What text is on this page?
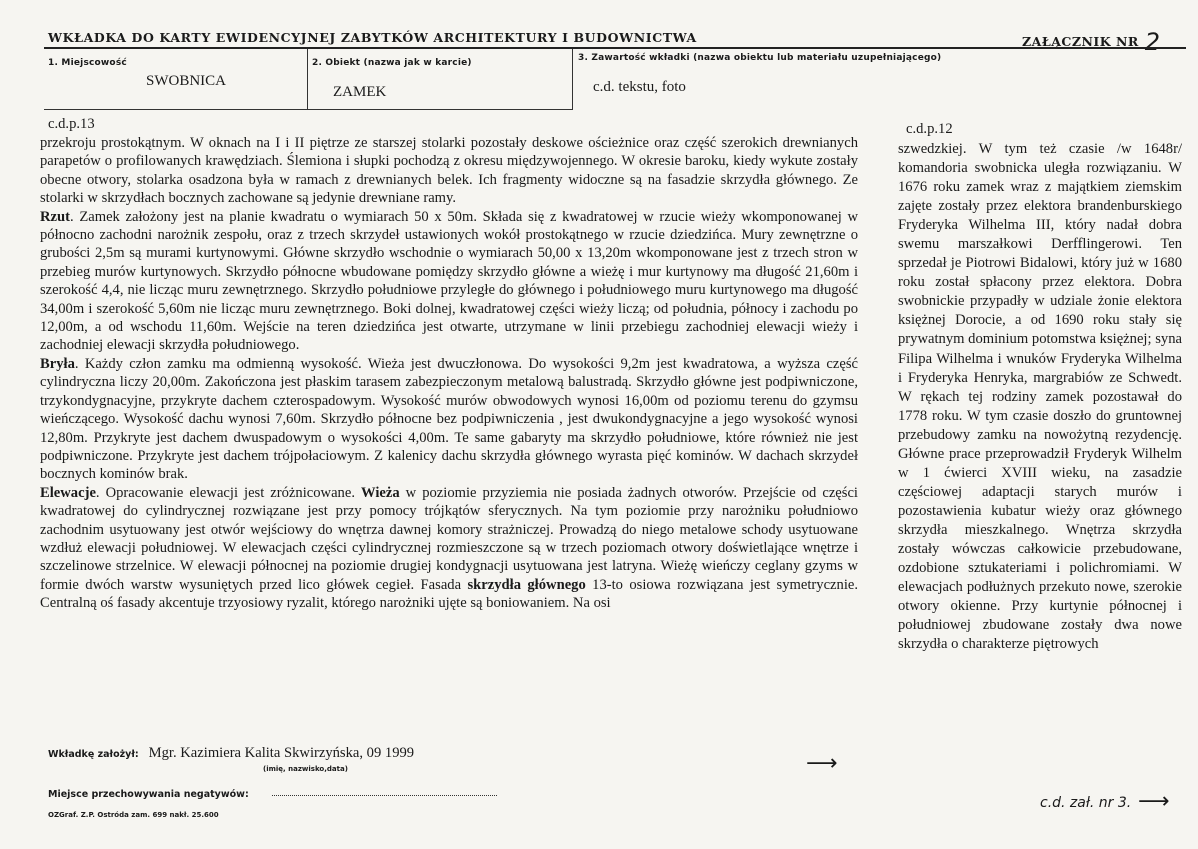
WKŁADKA DO KARTY EWIDENCYJNEJ ZABYTKÓW ARCHITEKTURY I BUDOWNICTWA	ZAŁĄCZNIK NR 2
1. Miejscowość
SWOBNICA
2. Obiekt (nazwa jak w karcie)
ZAMEK
3. Zawartość wkładki (nazwa obiektu lub materiału uzupełniającego)
c.d. tekstu, foto
c.d.p.13

przekroju prostokątnym. W oknach na I i II piętrze ze starszej stolarki pozostały deskowe ościeżnice oraz część szerokich drewnianych parapetów o profilowanych krawędziach. Ślemiona i słupki pochodzą z okresu międzywojennego. W okresie baroku, kiedy wykute zostały obecne otwory, stolarka osadzona była w ramach z drewnianych belek. Ich fragmenty widoczne są na fasadzie skrzydła głównego. Ze stolarki w skrzydłach bocznych zachowane są jedynie drewniane ramy.

Rzut. Zamek założony jest na planie kwadratu o wymiarach 50 x 50m. Składa się z kwadratowej w rzucie wieży wkomponowanej w północno zachodni narożnik zespołu, oraz z trzech skrzydeł ustawionych wokół prostokątnego w rzucie dziedzińca. Mury zewnętrzne o grubości 2,5m są murami kurtynowymi. Główne skrzydło wschodnie o wymiarach 50,00 x 13,20m wkomponowane jest z trzech stron w przebieg murów kurtynowych. Skrzydło północne wbudowane pomiędzy skrzydło główne a wieżę i mur kurtynowy ma długość 21,60m i szerokość 4,4, nie licząc muru zewnętrznego. Skrzydło południowe przyległe do głównego i południowego muru kurtynowego ma długość 34,00m i szerokość 5,60m nie licząc muru zewnętrznego. Boki dolnej, kwadratowej części wieży liczą; od południa, północy i zachodu po 12,00m, a od wschodu 11,60m. Wejście na teren dziedzińca jest otwarte, utrzymane w linii przebiegu zachodniej elewacji wieży i zachodniej elewacji skrzydła południowego.

Bryła. Każdy człon zamku ma odmienną wysokość. Wieża jest dwuczłonowa. Do wysokości 9,2m jest kwadratowa, a wyższa część cylindryczna liczy 20,00m. Zakończona jest płaskim tarasem zabezpieczonym metalową balustradą. Skrzydło główne jest podpiwniczone, trzykondygnacyjne, przykryte dachem czterospadowym. Wysokość murów obwodowych wynosi 16,00m od poziomu terenu do gzymsu wieńczącego. Wysokość dachu wynosi 7,60m. Skrzydło północne bez podpiwniczenia , jest dwukondygnacyjne a jego wysokość wynosi 12,80m. Przykryte jest dachem dwuspadowym o wysokości 4,00m. Te same gabaryty ma skrzydło południowe, które również nie jest podpiwniczone. Przykryte jest dachem trójpołaciowym. Z kalenicy dachu skrzydła głównego wyrasta pięć kominów. W dachach skrzydeł bocznych kominów brak.

Elewacje. Opracowanie elewacji jest zróżnicowane. Wieża w poziomie przyziemia nie posiada żadnych otworów. Przejście od części kwadratowej do cylindrycznej rozwiązane jest przy pomocy trójkątów sferycznych. Na tym poziomie przy narożniku południowo zachodnim usytuowany jest otwór wejściowy do wnętrza dawnej komory strażniczej. Prowadzą do niego metalowe schody usytuowane wzdłuż elewacji południowej. W elewacjach części cylindrycznej rozmieszczone są w trzech poziomach otwory doświetlające wnętrze i szczelinowe strzelnice. W elewacji północnej na poziomie drugiej kondygnacji usytuowana jest latryna. Wieżę wieńczy ceglany gzyms w formie dwóch warstw wysuniętych przed lico główek cegieł. Fasada skrzydła głównego 13-to osiowa rozwiązana jest symetrycznie. Centralną oś fasady akcentuje trzyosiowy ryzalit, którego narożniki ujęte są boniowaniem. Na osi

c.d.p.12

szwedzkiej. W tym też czasie /w 1648r/ komandoria swobnicka uległa rozwiązaniu. W 1676 roku zamek wraz z majątkiem ziemskim zajęte zostały przez elektora brandenburskiego Fryderyka Wilhelma III, który nadał dobra swemu marszałkowi Derfflingerowi. Ten sprzedał je Piotrowi Bidalowi, który już w 1680 roku został spłacony przez elektora. Dobra swobnickie przypadły w udziale żonie elektora księżnej Dorocie, a od 1690 roku stały się prywatnym dominium potomstwa księżnej; syna Filipa Wilhelma i wnuków Fryderyka Wilhelma i Fryderyka Henryka, margrabiów ze Schwedt. W rękach tej rodziny zamek pozostawał do 1778 roku. W tym czasie doszło do gruntownej przebudowy zamku na nowożytną rezydencję. Główne prace przeprowadził Fryderyk Wilhelm w 1 ćwierci XVIII wieku, na zasadzie częściowej adaptacji starych murów i pozostawienia kubatur wieży oraz głównego skrzydła mieszkalnego. Wnętrza skrzydła zostały wówczas całkowicie przebudowane, ozdobione sztukateriami i polichromiami. W elewacjach podłużnych przekuto nowe, szerokie otwory okienne. Przy kurtynie północnej i południowej zbudowane zostały dwa nowe skrzydła o charakterze piętrowych

Wkładkę założył: Mgr. Kazimiera Kalita Skwirzyńska, 09 1999
(imię, nazwisko,data)	⟶
Miejsce przechowywania negatywów:
OZGraf. Z.P. Ostróda zam. 699 nakł. 25.600
c.d. zał. nr 3. ⟶
